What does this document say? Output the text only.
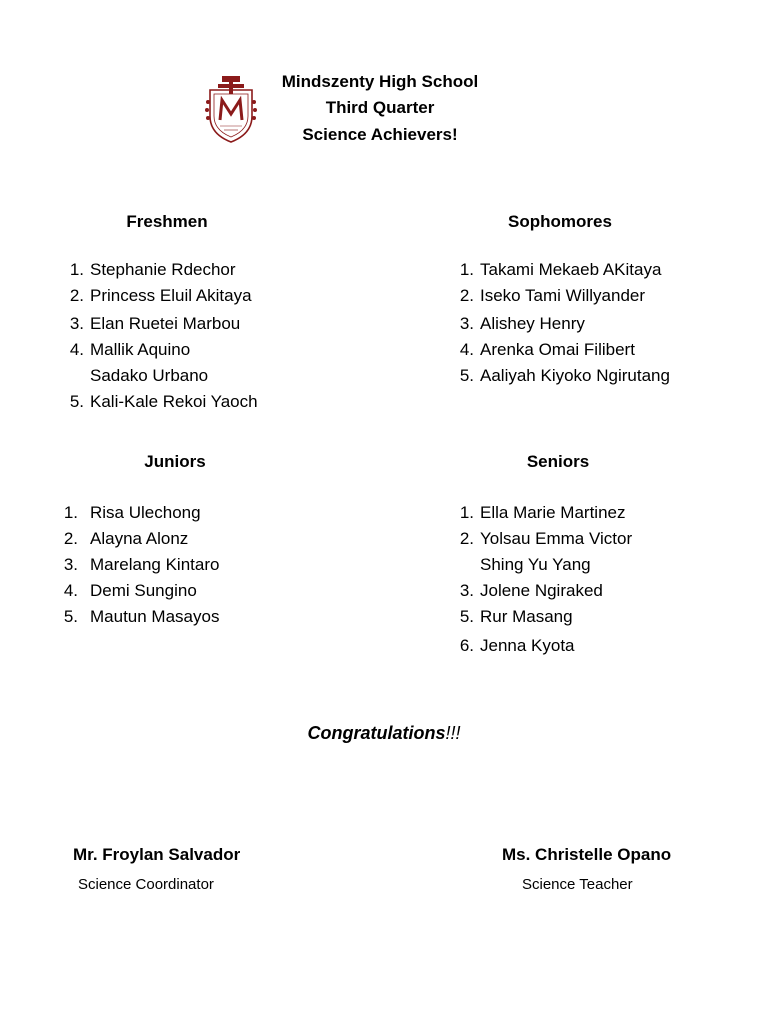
Mindszenty High School
Third Quarter
Science Achievers!
Freshmen	Sophomores
Juniors	Seniors
1. Stephanie Rdechor
2. Princess Eluil Akitaya
3. Elan Ruetei Marbou
4. Mallik Aquino
Sadako Urbano
5. Kali-Kale Rekoi Yaoch
1. Takami Mekaeb AKitaya
2. Iseko Tami Willyander
3. Alishey Henry
4. Arenka Omai Filibert
5. Aaliyah Kiyoko Ngirutang
1. Risa Ulechong
2. Alayna Alonz
3. Marelang Kintaro
4. Demi Sungino
5. Mautun Masayos
1. Ella Marie Martinez
2. Yolsau Emma Victor
Shing Yu Yang
3. Jolene Ngiraked
5. Rur Masang
6. Jenna Kyota
Congratulations!!!
Mr. Froylan Salvador
Science Coordinator
Ms. Christelle Opano
Science Teacher
